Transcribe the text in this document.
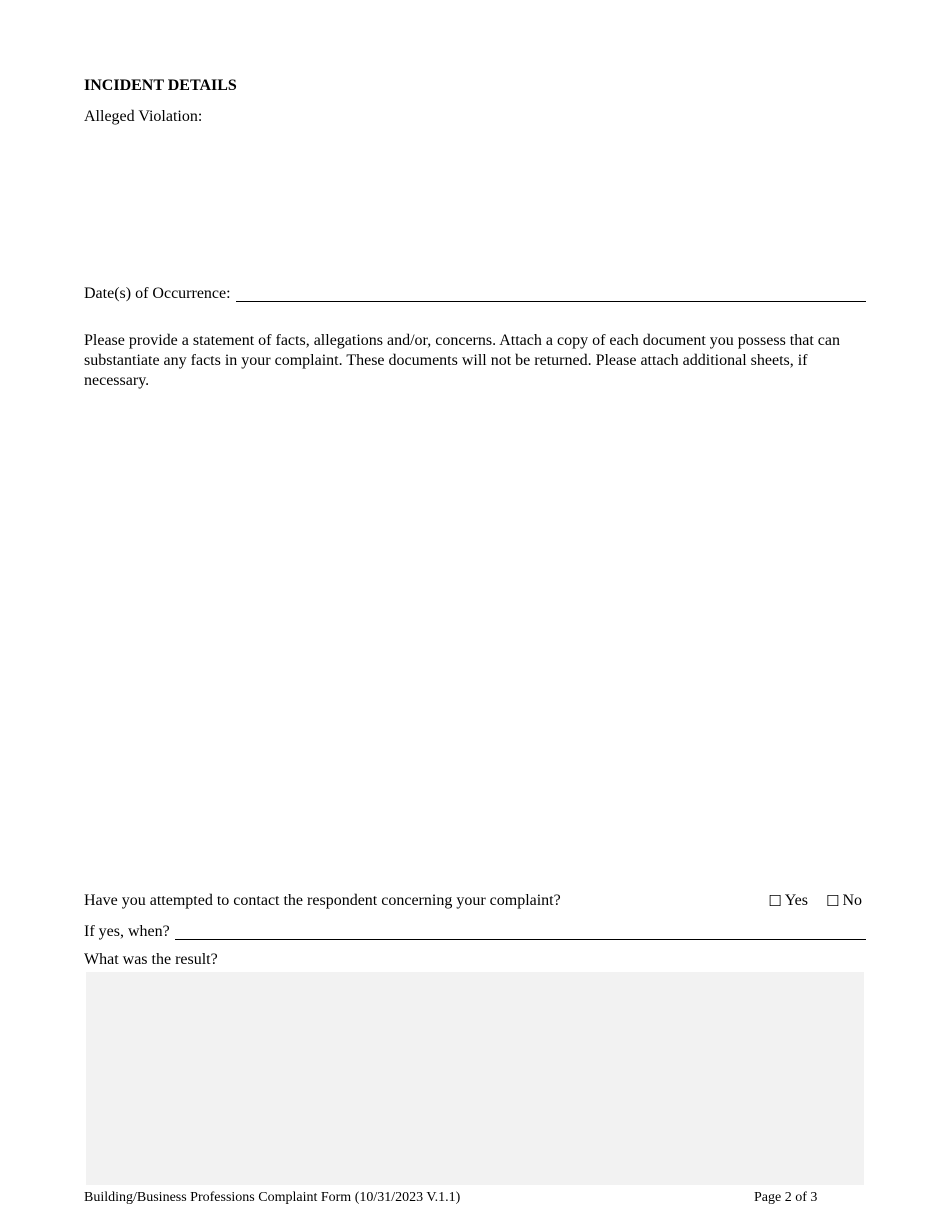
INCIDENT DETAILS
Alleged Violation:
Date(s) of Occurrence:
Please provide a statement of facts, allegations and/or, concerns. Attach a copy of each document you possess that can substantiate any facts in your complaint. These documents will not be returned. Please attach additional sheets, if necessary.
Have you attempted to contact the respondent concerning your complaint?	☐ Yes ☐ No
If yes, when?
What was the result?
Building/Business Professions Complaint Form (10/31/2023 V.1.1)	Page 2 of 3
